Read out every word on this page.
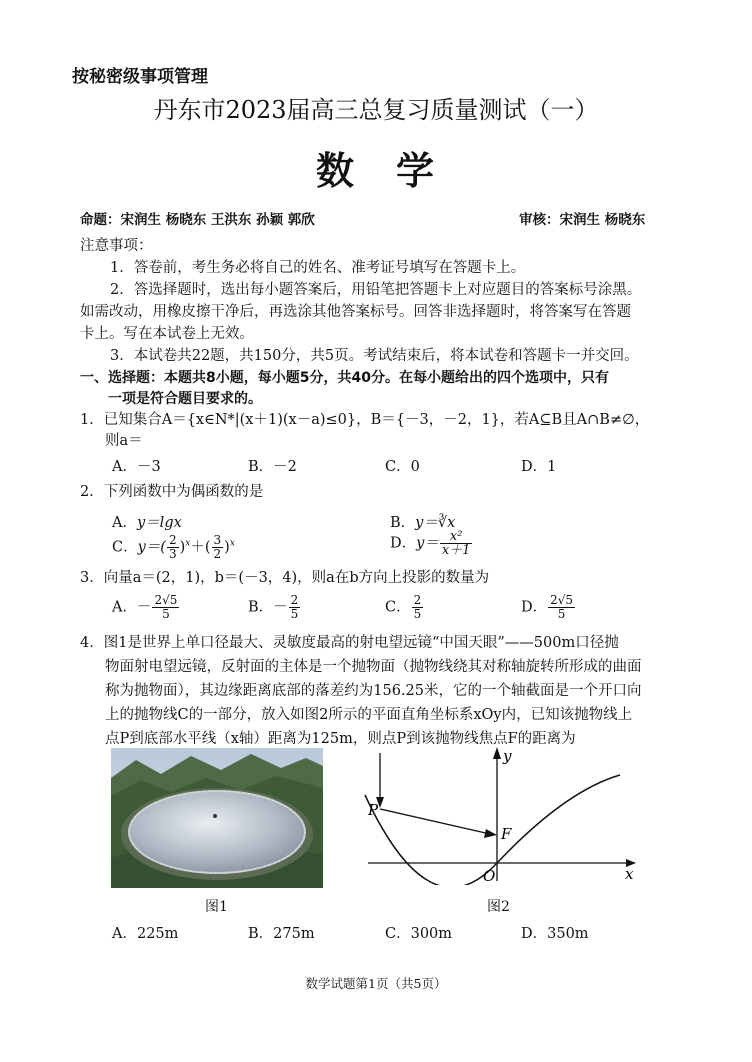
按秘密级事项管理
丹东市2023届高三总复习质量测试（一）
数　学
命题：宋润生 杨晓东 王洪东 孙颖 郭欣	审核：宋润生 杨晓东
注意事项：
1．答卷前，考生务必将自己的姓名、准考证号填写在答题卡上。
2．答选择题时，选出每小题答案后，用铅笔把答题卡上对应题目的答案标号涂黑。
如需改动，用橡皮擦干净后，再选涂其他答案标号。回答非选择题时，将答案写在答题
卡上。写在本试卷上无效。
3．本试卷共22题，共150分，共5页。考试结束后，将本试卷和答题卡一并交回。
一、选择题：本题共8小题，每小题5分，共40分。在每小题给出的四个选项中，只有
一项是符合题目要求的。
1．已知集合A＝{x∈N*|(x＋1)(x－a)≤0}，B＝{－3，－2，1}，若A⊆B且A∩B≠∅，
则a＝
A．－3	B．－2	C．0	D．1
2．下列函数中为偶函数的是
A．y＝lgx	B．y＝∛x
C．$y=( \frac{2}{3} )^x+( \frac{3}{2} )^x$	D．$y= \frac{\text{x²}}{x+1}$
3．向量a＝(2，1)，b＝(－3，4)，则a在b方向上投影的数量为
A．－ $\frac{2√5}{5}$	B．－ $\frac{2}{5}$	C． $\frac{2}{5}$	D． $\frac{2√5}{5}$
4．图1是世界上单口径最大、灵敏度最高的射电望远镜“中国天眼”——500m口径抛
物面射电望远镜，反射面的主体是一个抛物面（抛物线绕其对称轴旋转所形成的曲面
称为抛物面），其边缘距离底部的落差约为156.25米，它的一个轴截面是一个开口向
上的抛物线C的一部分，放入如图2所示的平面直角坐标系xOy内，已知该抛物线上
点P到底部水平线（x轴）距离为125m，则点P到该抛物线焦点F的距离为
图1
P
F
O	x
y
图2
A．225m	B．275m	C．300m	D．350m
数学试题第1页（共5页）
